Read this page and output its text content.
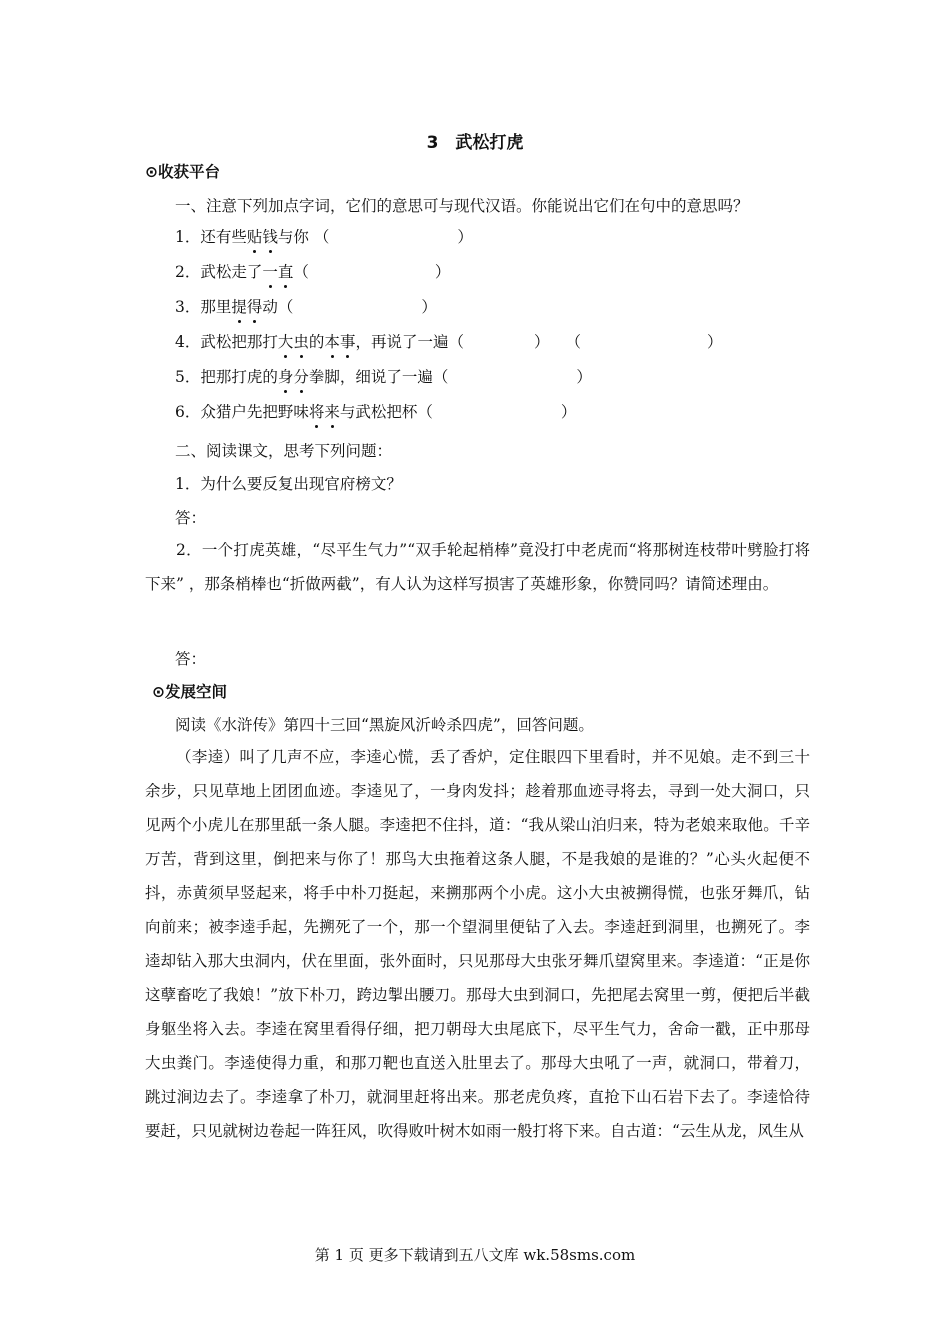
3　武松打虎
⊙收获平台
一、注意下列加点字词，它们的意思可与现代汉语。你能说出它们在句中的意思吗？
1．还有些贴钱与你 （	）
2．武松走了一直（	）
3．那里提得动（	）
4．武松把那打大虫的本事，再说了一遍（	） （	）
5．把那打虎的身分拳脚，细说了一遍（	）
6．众猎户先把野味将来与武松把杯（	）
二、阅读课文，思考下列问题：
1．为什么要反复出现官府榜文？
答：
2．一个打虎英雄，“尽平生气力”“双手轮起梢棒”竟没打中老虎而“将那树连枝带叶劈脸打将下来” ，那条梢棒也“折做两截”，有人认为这样写损害了英雄形象，你赞同吗？请简述理由。
答：
⊙发展空间
阅读《水浒传》第四十三回“黑旋风沂岭杀四虎”，回答问题。
（李逵）叫了几声不应，李逵心慌，丢了香炉，定住眼四下里看时，并不见娘。走不到三十余步，只见草地上团团血迹。李逵见了，一身肉发抖；趁着那血迹寻将去，寻到一处大洞口，只见两个小虎儿在那里舐一条人腿。李逵把不住抖，道：“我从梁山泊归来，特为老娘来取他。千辛万苦，背到这里，倒把来与你了！那鸟大虫拖着这条人腿，不是我娘的是谁的？”心头火起便不抖，赤黄须早竖起来，将手中朴刀挺起，来搠那两个小虎。这小大虫被搠得慌，也张牙舞爪，钻向前来；被李逵手起，先搠死了一个，那一个望洞里便钻了入去。李逵赶到洞里，也搠死了。李逵却钻入那大虫洞内，伏在里面，张外面时，只见那母大虫张牙舞爪望窝里来。李逵道：“正是你这孽畜吃了我娘！”放下朴刀，跨边掣出腰刀。那母大虫到洞口，先把尾去窝里一剪，便把后半截身躯坐将入去。李逵在窝里看得仔细，把刀朝母大虫尾底下，尽平生气力，舍命一戳，正中那母大虫粪门。李逵使得力重，和那刀靶也直送入肚里去了。那母大虫吼了一声，就洞口，带着刀，跳过涧边去了。李逵拿了朴刀，就洞里赶将出来。那老虎负疼，直抢下山石岩下去了。李逵恰待要赶，只见就树边卷起一阵狂风，吹得败叶树木如雨一般打将下来。自古道：“云生从龙，风生从
第 1 页 更多下载请到五八文库 wk.58sms.com
